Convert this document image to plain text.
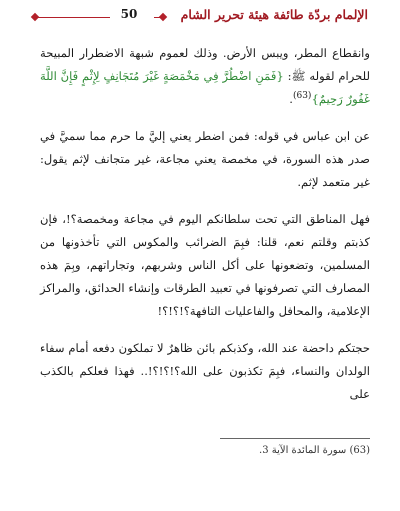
50	الإلمام بردّة طائفة هيئة تحرير الشام

وانقطاع المطر، ويبس الأرض. وذلك لعموم شبهة الاضطرار المبيحة للحرام لقوله ﷺ: {فَمَنِ اضْطُرَّ فِي مَخْمَصَةٍ غَيْرَ مُتَجَانِفٍ لِإِثْمٍ فَإِنَّ اللَّهَ غَفُورٌ رَحِيمٌ}$^{(63)}$.

عن ابن عباس في قوله: فمن اضطر يعني إليَّ ما حرم مما سميَّ في صدر هذه السورة، في مخمصة يعني مجاعة، غير متجانف لإثم يقول: غير متعمد لإثم.

فهل المناطق التي تحت سلطانكم اليوم في مجاعة ومخمصة؟!، فإن كذبتم وقلتم نعم، قلنا: فبِمَ الضرائب والمكوس التي تأخذونها من المسلمين، وتضعونها على أكل الناس وشربهم، وتجاراتهم، وبِمَ هذه المصارف التي تصرفونها في تعبيد الطرقات وإنشاء الحدائق، والمراكز الإعلامية، والمحافل والفاعليات التافهة؟!؟!؟!

حجتكم داحضة عند الله، وكذبكم بائن ظاهرٌ لا تملكون دفعه أمام سفاء الولدان والنساء، فبِمَ تكذبون على الله؟!؟!؟!.. فهذا فعلكم بالكذب على

(63) سورة المائدة الآية 3.
